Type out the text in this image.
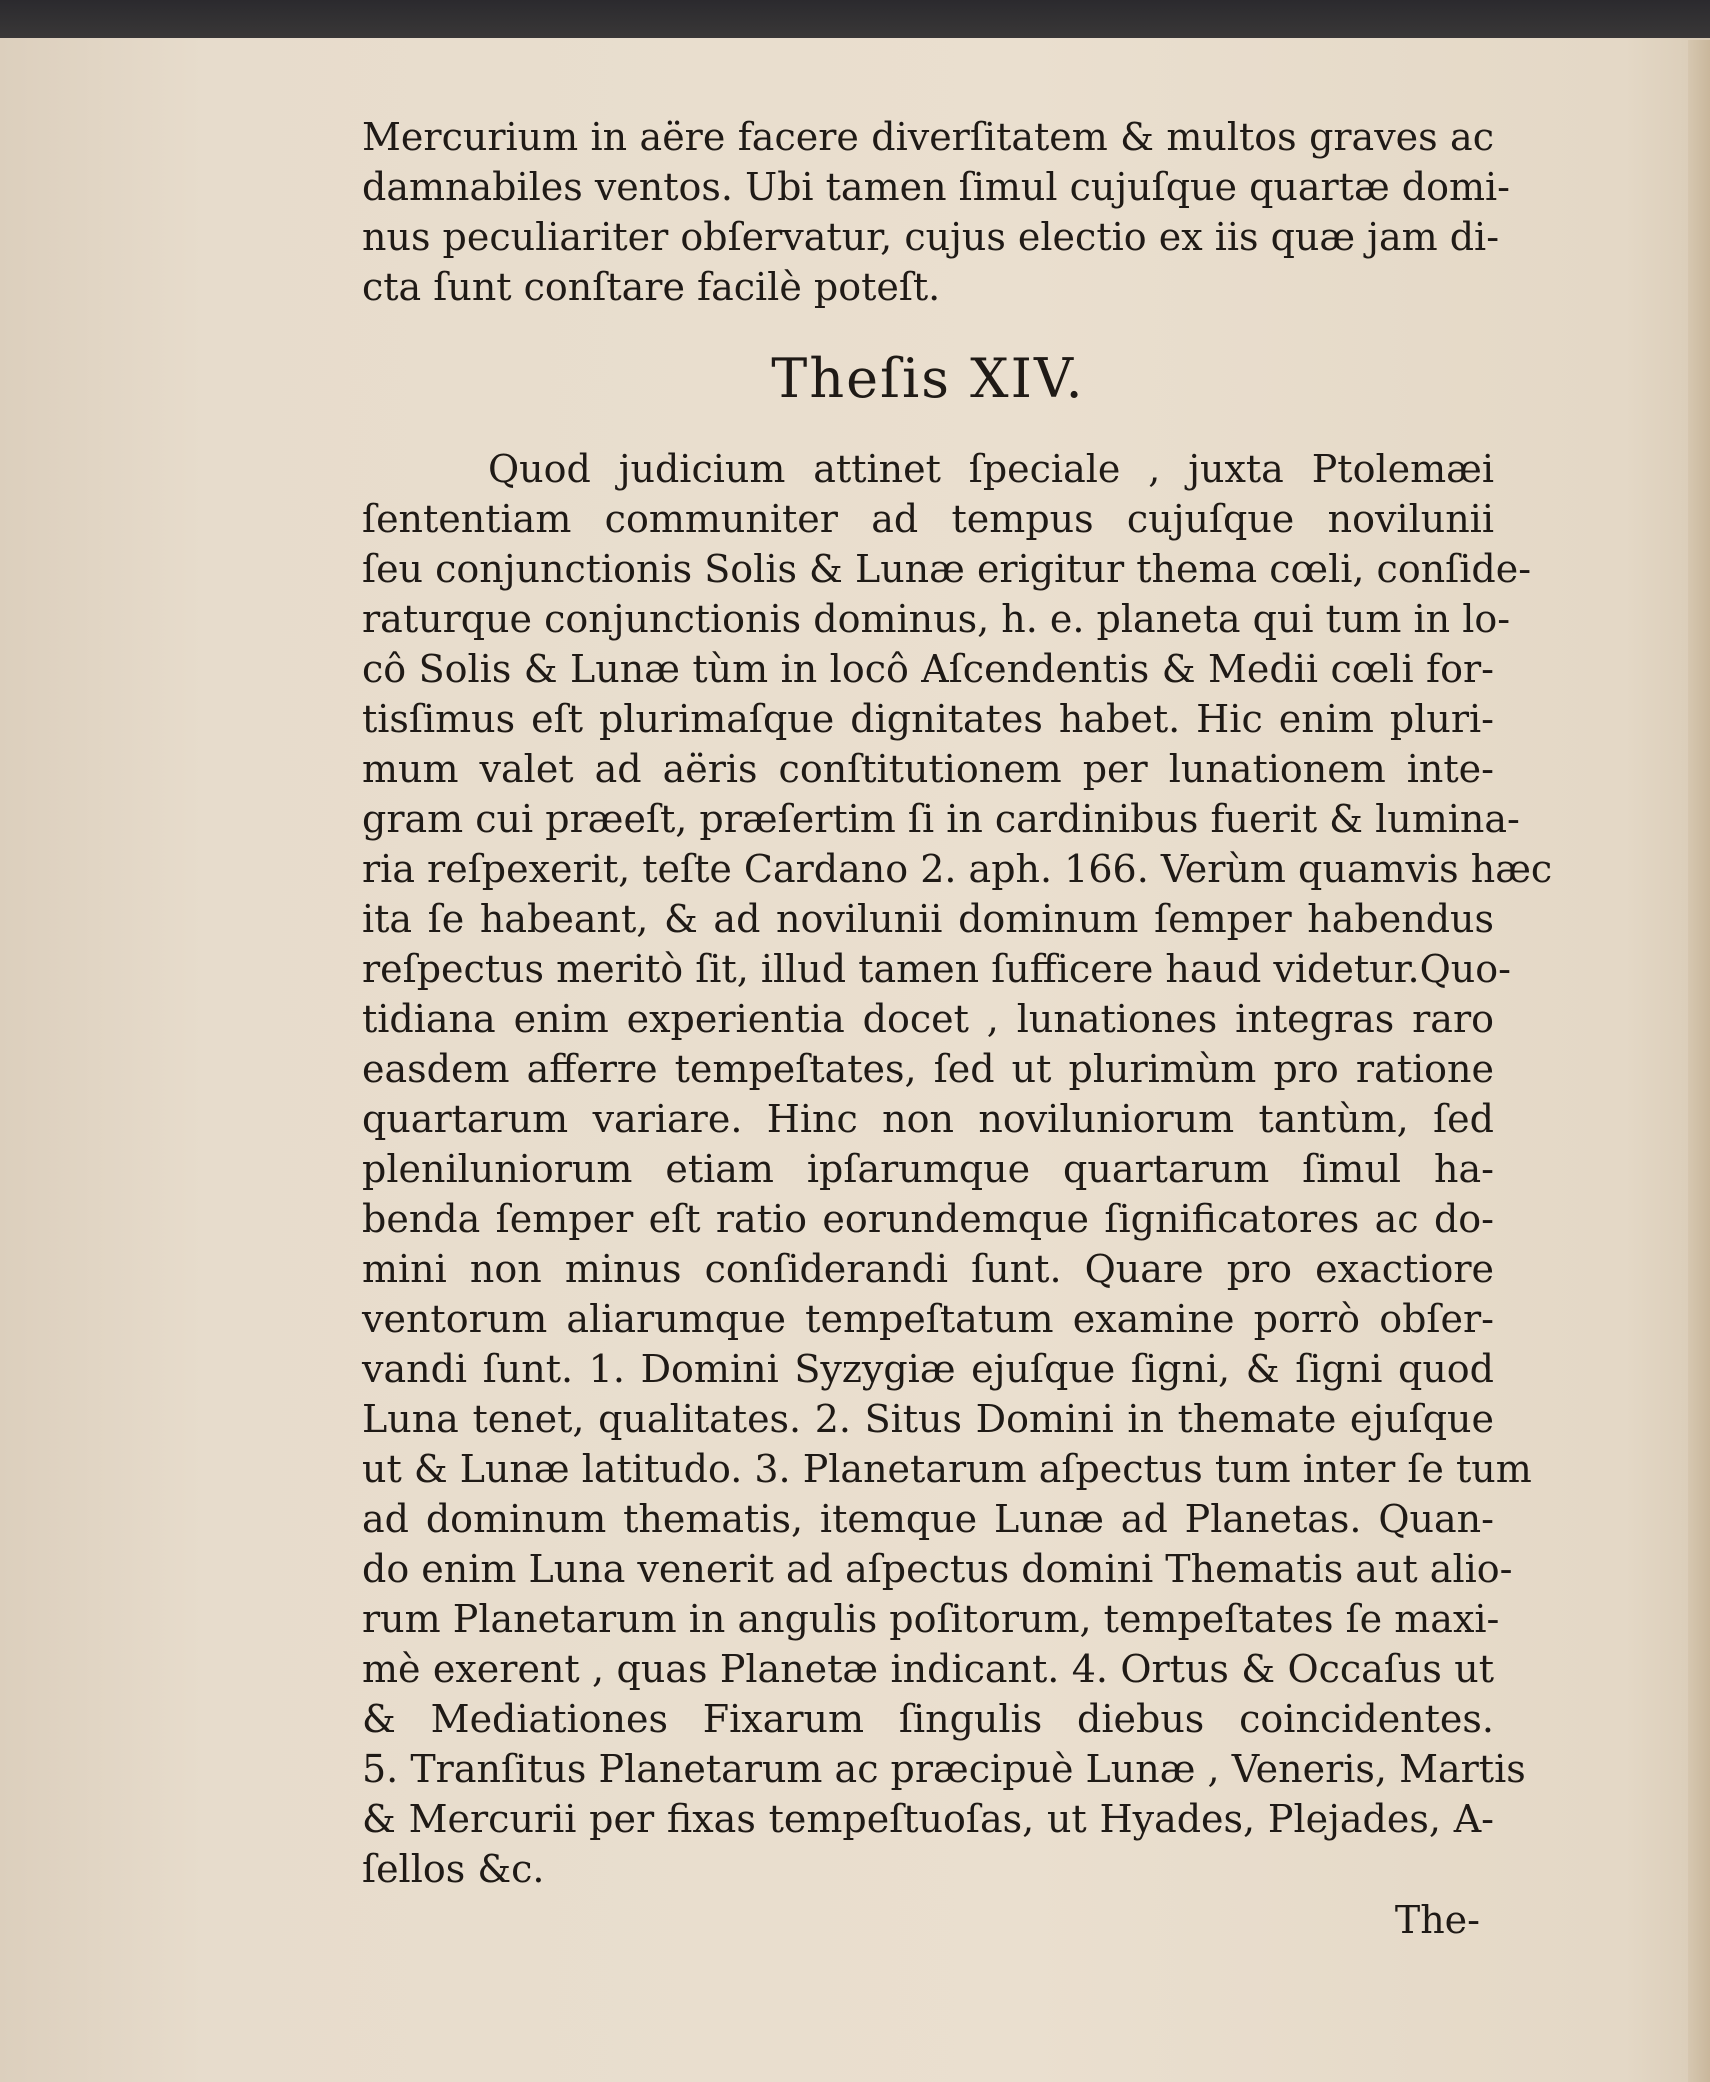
Mercurium in aëre facere diverſitatem & multos graves ac
damnabiles ventos. Ubi tamen ſimul cujuſque quartæ domi-
nus peculiariter obſervatur, cujus electio ex iis quæ jam di-
cta ſunt conſtare facilè poteſt.
Theſis XIV.
Quod judicium attinet ſpeciale , juxta Ptolemæi
ſententiam communiter ad tempus cujuſque novilunii
ſeu conjunctionis Solis & Lunæ erigitur thema cœli, conſide-
raturque conjunctionis dominus, h. e. planeta qui tum in lo-
cô Solis & Lunæ tùm in locô Aſcendentis & Medii cœli for-
tisſimus eſt plurimaſque dignitates habet. Hic enim pluri-
mum valet ad aëris conſtitutionem per lunationem inte-
gram cui præeſt, præſertim ſi in cardinibus fuerit & lumina-
ria reſpexerit, teſte Cardano 2. aph. 166. Verùm quamvis hæc
ita ſe habeant, & ad novilunii dominum ſemper habendus
reſpectus meritò ſit, illud tamen ſufficere haud videtur.Quo-
tidiana enim experientia docet , lunationes integras raro
easdem afferre tempeſtates, ſed ut plurimùm pro ratione
quartarum variare. Hinc non noviluniorum tantùm, ſed
pleniluniorum etiam ipſarumque quartarum ſimul ha-
benda ſemper eſt ratio eorundemque ſignificatores ac do-
mini non minus conſiderandi ſunt. Quare pro exactiore
ventorum aliarumque tempeſtatum examine porrò obſer-
vandi ſunt. 1. Domini Syzygiæ ejuſque ſigni, & ſigni quod
Luna tenet, qualitates. 2. Situs Domini in themate ejuſque
ut & Lunæ latitudo. 3. Planetarum aſpectus tum inter ſe tum
ad dominum thematis, itemque Lunæ ad Planetas. Quan-
do enim Luna venerit ad aſpectus domini Thematis aut alio-
rum Planetarum in angulis poſitorum, tempeſtates ſe maxi-
mè exerent , quas Planetæ indicant. 4. Ortus & Occaſus ut
& Mediationes Fixarum ſingulis diebus coincidentes.
5. Tranſitus Planetarum ac præcipuè Lunæ , Veneris, Martis
& Mercurii per fixas tempeſtuoſas, ut Hyades, Plejades, A-
ſellos &c.
The-
